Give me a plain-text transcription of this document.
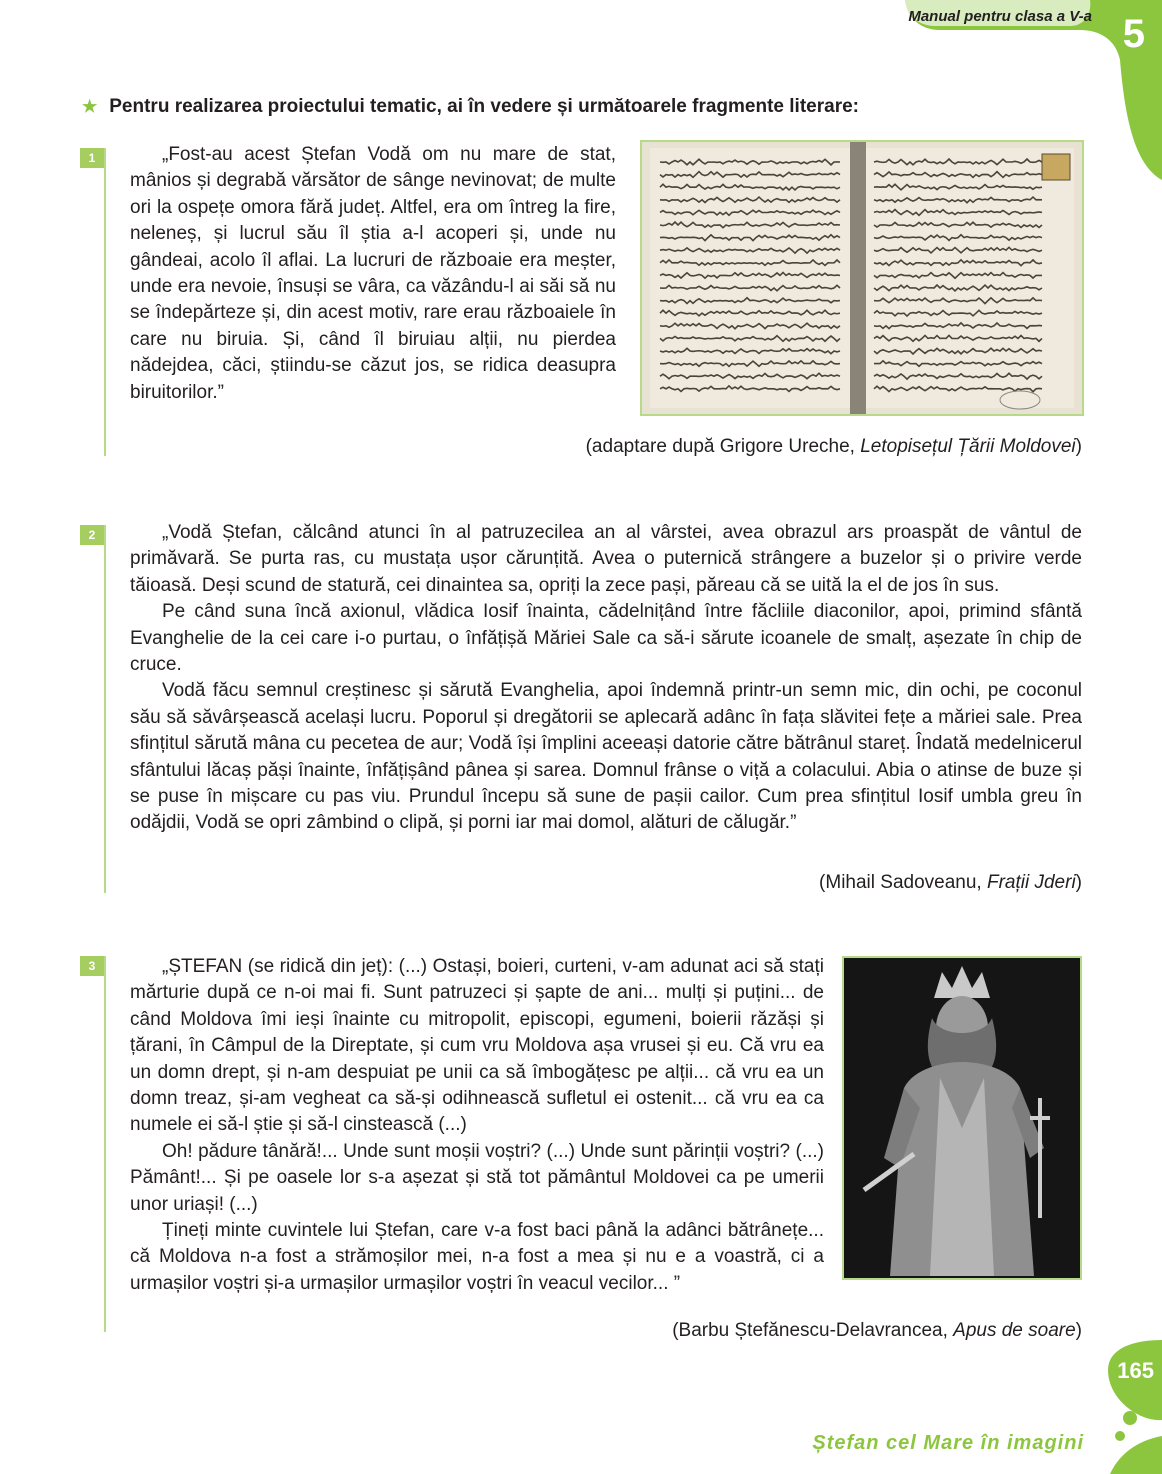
Manual pentru clasa a V-a 5
★ Pentru realizarea proiectului tematic, ai în vedere și următoarele fragmente literare:
1	„Fost-au acest Ștefan Vodă om nu mare de stat, mânios și degrabă vărsător de sânge nevinovat; de multe ori la ospețe omora fără județ. Altfel, era om întreg la fire, neleneș, și lucrul său îl știa a-l acoperi și, unde nu gândeai, acolo îl aflai. La lucruri de războaie era meșter, unde era nevoie, însuși se vâra, ca văzându-l ai săi să nu se îndepărteze și, din acest motiv, rare erau războaiele în care nu biruia. Și, când îl biruiau alții, nu pierdea nădejdea, căci, știindu-se căzut jos, se ridica deasupra biruitorilor.”

(adaptare după Grigore Ureche, Letopisețul Țării Moldovei)
2	„Vodă Ștefan, călcând atunci în al patruzecilea an al vârstei, avea obrazul ars proaspăt de vântul de primăvară. Se purta ras, cu mustața ușor cărunțită. Avea o puternică strângere a buzelor și o privire verde tăioasă. Deși scund de statură, cei dinaintea sa, opriți la zece pași, păreau că se uită la el de jos în sus.

Pe când suna încă axionul, vlădica Iosif înainta, cădelnițând între făcliile diaconilor, apoi, primind sfântă Evanghelie de la cei care i-o purtau, o înfățișă Măriei Sale ca să-i sărute icoanele de smalț, așezate în chip de cruce.

Vodă făcu semnul creștinesc și sărută Evanghelia, apoi îndemnă printr-un semn mic, din ochi, pe coconul său să săvârșească același lucru. Poporul și dregătorii se aplecară adânc în fața slăvitei fețe a măriei sale. Prea sfințitul sărută mâna cu pecetea de aur; Vodă își împlini aceeași datorie către bătrânul stareț. Îndată medelnicerul sfântului lăcaș păși înainte, înfățișând pânea și sarea. Domnul frânse o viță a colacului. Abia o atinse de buze și se puse în mișcare cu pas viu. Prundul începu să sune de pașii cailor. Cum prea sfințitul Iosif umbla greu în odăjdii, Vodă se opri zâmbind o clipă, și porni iar mai domol, alături de călugăr.”

(Mihail Sadoveanu, Frații Jderi)
3	„ȘTEFAN (se ridică din jeț): (...) Ostași, boieri, curteni, v-am adunat aci să stați mărturie după ce n-oi mai fi. Sunt patruzeci și șapte de ani... mulți și puțini... de când Moldova îmi ieși înainte cu mitropolit, episcopi, egumeni, boierii răzăși și țărani, în Câmpul de la Direptate, și cum vru Moldova așa vrusei și eu. Că vru ea un domn drept, și n-am despuiat pe unii ca să îmbogățesc pe alții... că vru ea un domn treaz, și-am vegheat ca să-și odihnească sufletul ei ostenit... că vru ea ca numele ei să-l știe și să-l cinstească (...)

Oh! pădure tânără!... Unde sunt moșii voștri? (...) Unde sunt părinții voștri? (...) Pământ!... Și pe oasele lor s-a așezat și stă tot pământul Moldovei ca pe umerii unor uriași! (...)

Țineți minte cuvintele lui Ștefan, care v-a fost baci până la adânci bătrânețe... că Moldova n-a fost a strămoșilor mei, n-a fost a mea și nu e a voastră, ci a urmașilor voștri și-a urmașilor urmașilor voștri în veacul vecilor... ”

(Barbu Ștefănescu-Delavrancea, Apus de soare)
165
Ștefan cel Mare în imagini
